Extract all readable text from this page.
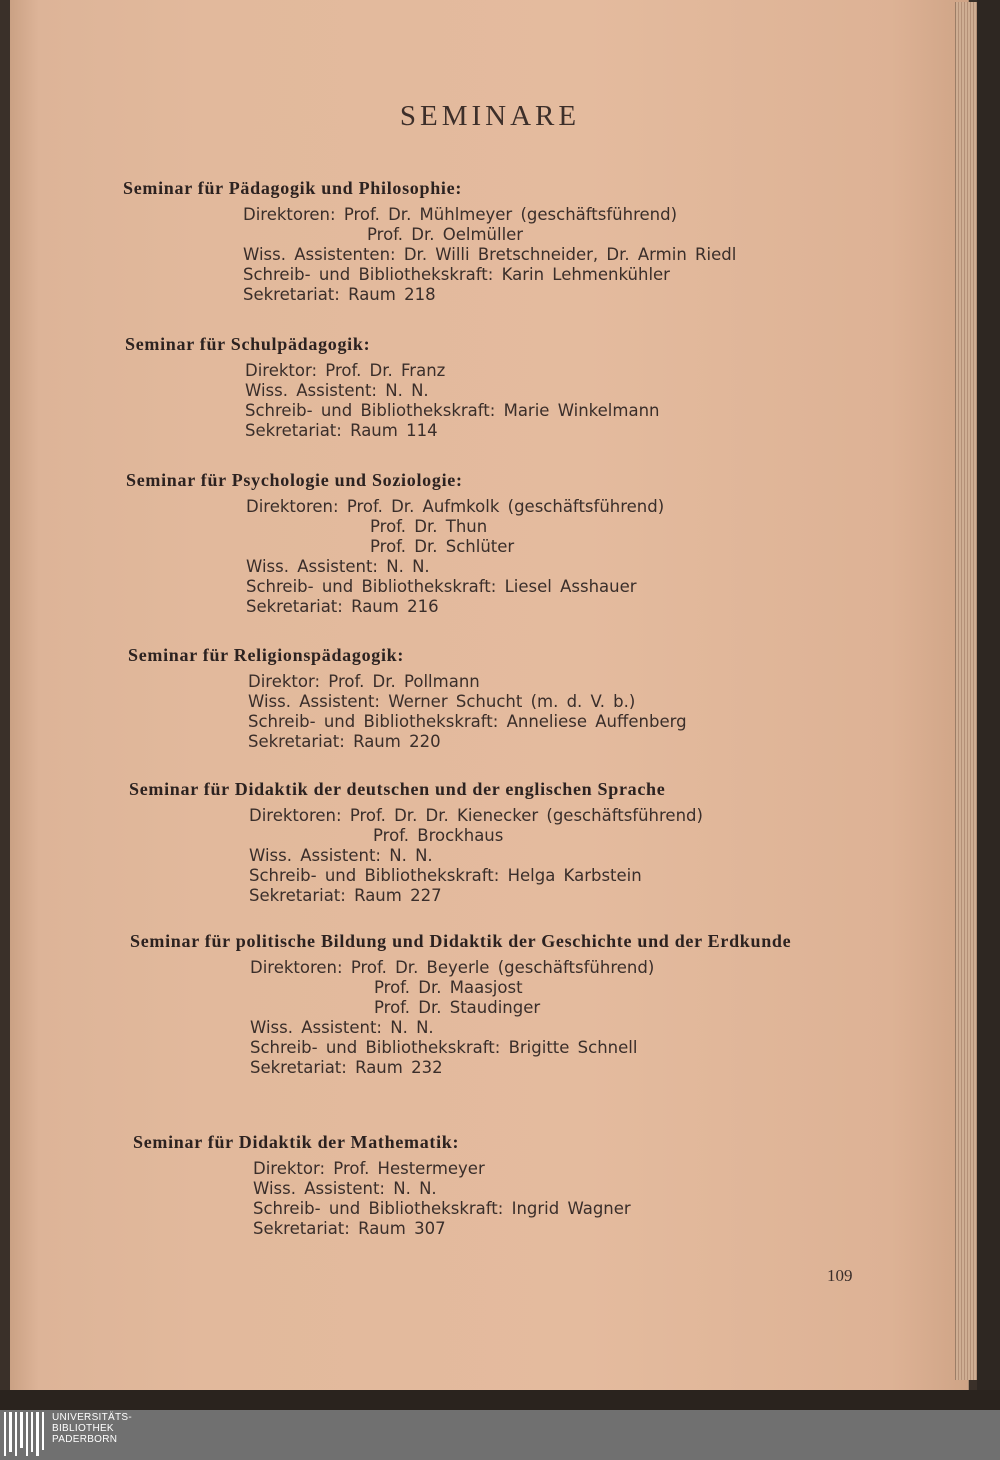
SEMINARE
Seminar für Pädagogik und Philosophie:
Direktoren: Prof. Dr. Mühlmeyer (geschäftsführend)
Prof. Dr. Oelmüller
Wiss. Assistenten: Dr. Willi Bretschneider, Dr. Armin Riedl
Schreib- und Bibliothekskraft: Karin Lehmenkühler
Sekretariat: Raum 218
Seminar für Schulpädagogik:
Direktor: Prof. Dr. Franz
Wiss. Assistent: N. N.
Schreib- und Bibliothekskraft: Marie Winkelmann
Sekretariat: Raum 114
Seminar für Psychologie und Soziologie:
Direktoren: Prof. Dr. Aufmkolk (geschäftsführend)
Prof. Dr. Thun
Prof. Dr. Schlüter
Wiss. Assistent: N. N.
Schreib- und Bibliothekskraft: Liesel Asshauer
Sekretariat: Raum 216
Seminar für Religionspädagogik:
Direktor: Prof. Dr. Pollmann
Wiss. Assistent: Werner Schucht (m. d. V. b.)
Schreib- und Bibliothekskraft: Anneliese Auffenberg
Sekretariat: Raum 220
Seminar für Didaktik der deutschen und der englischen Sprache
Direktoren: Prof. Dr. Dr. Kienecker (geschäftsführend)
Prof. Brockhaus
Wiss. Assistent: N. N.
Schreib- und Bibliothekskraft: Helga Karbstein
Sekretariat: Raum 227
Seminar für politische Bildung und Didaktik der Geschichte und der Erdkunde
Direktoren: Prof. Dr. Beyerle (geschäftsführend)
Prof. Dr. Maasjost
Prof. Dr. Staudinger
Wiss. Assistent: N. N.
Schreib- und Bibliothekskraft: Brigitte Schnell
Sekretariat: Raum 232
Seminar für Didaktik der Mathematik:
Direktor: Prof. Hestermeyer
Wiss. Assistent: N. N.
Schreib- und Bibliothekskraft: Ingrid Wagner
Sekretariat: Raum 307
109
UNIVERSITÄTS-
BIBLIOTHEK
PADERBORN
